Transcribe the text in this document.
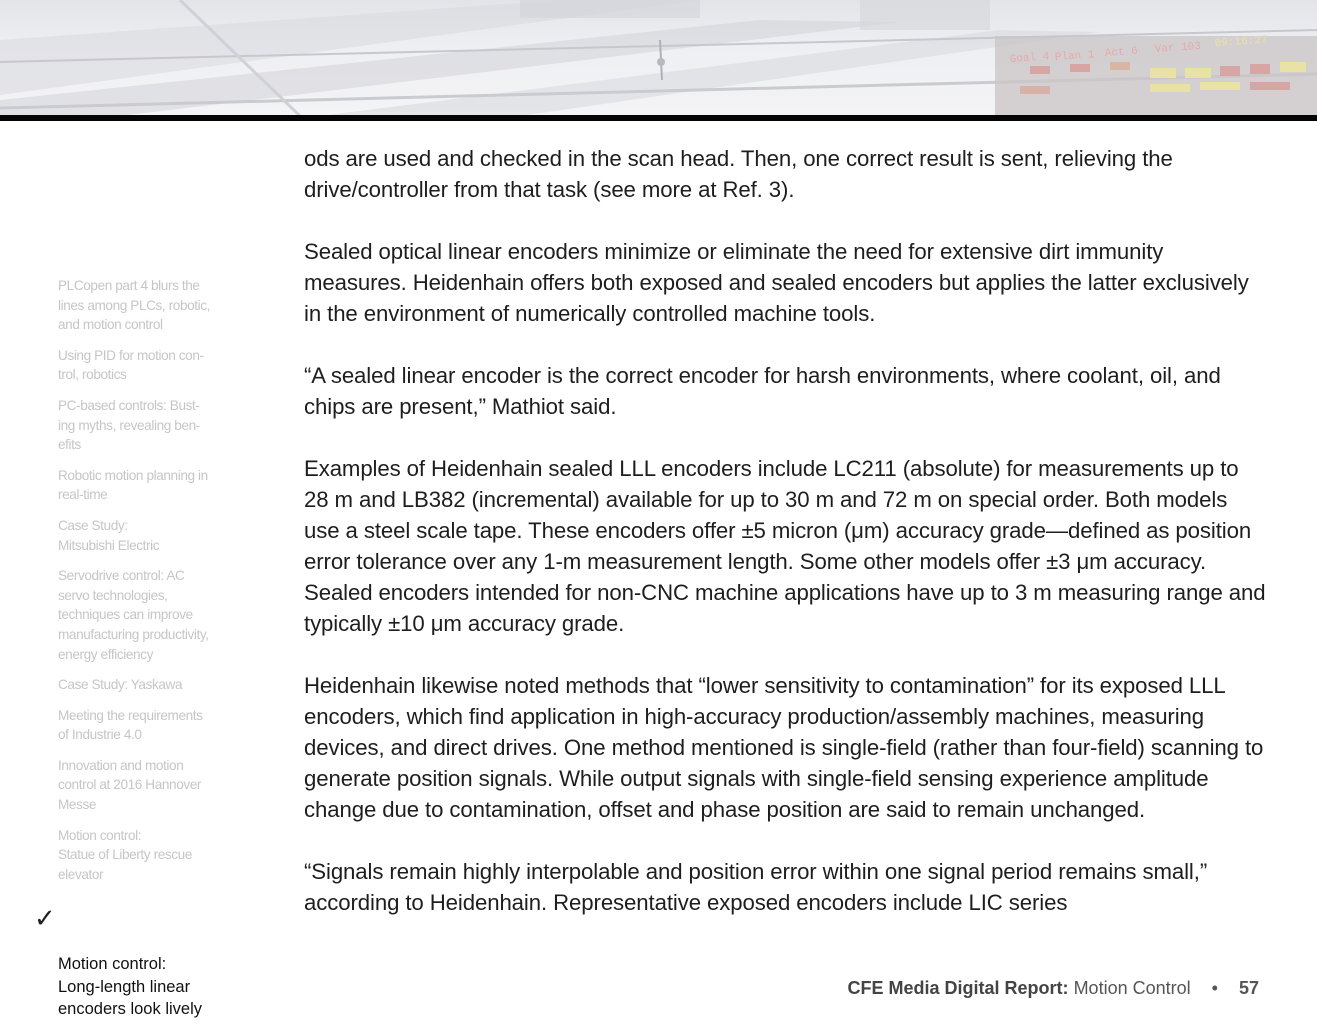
Goal 4 Plan 1 Act 6 Var 103 09:16:27
PLCopen part 4 blurs the
lines among PLCs, robotic,
and motion control
Using PID for motion con-
trol, robotics
PC-based controls: Bust-
ing myths, revealing ben-
efits
Robotic motion planning in
real-time
Case Study:
Mitsubishi Electric
Servodrive control: AC
servo technologies,
techniques can improve
manufacturing productivity,
energy efficiency
Case Study: Yaskawa
Meeting the requirements
of Industrie 4.0
Innovation and motion
control at 2016 Hannover
Messe
Motion control:
Statue of Liberty rescue
elevator

✓

Motion control:
Long-length linear
encoders look lively

ods are used and checked in the scan head. Then, one correct result is sent, relieving the drive/controller from that task (see more at Ref. 3).

Sealed optical linear encoders minimize or eliminate the need for extensive dirt immunity measures. Heidenhain offers both exposed and sealed encoders but applies the latter exclusively in the environment of numerically controlled machine tools.

“A sealed linear encoder is the correct encoder for harsh environments, where coolant, oil, and chips are present,” Mathiot said.

Examples of Heidenhain sealed LLL encoders include LC211 (absolute) for measurements up to 28 m and LB382 (incremental) available for up to 30 m and 72 m on special order. Both models use a steel scale tape. These encoders offer ±5 micron (μm) accuracy grade—defined as position error tolerance over any 1-m measurement length. Some other models offer ±3 μm accuracy. Sealed encoders intended for non-CNC machine applications have up to 3 m measuring range and typically ±10 μm accuracy grade.

Heidenhain likewise noted methods that “lower sensitivity to contamination” for its exposed LLL encoders, which find application in high-accuracy production/assembly machines, measuring devices, and direct drives. One method mentioned is single-field (rather than four-field) scanning to generate position signals. While output signals with single-field sensing experience amplitude change due to contamination, offset and phase position are said to remain unchanged.

“Signals remain highly interpolable and position error within one signal period remains small,” according to Heidenhain. Representative exposed encoders include LIC series

CFE Media Digital Report: Motion Control • 57
